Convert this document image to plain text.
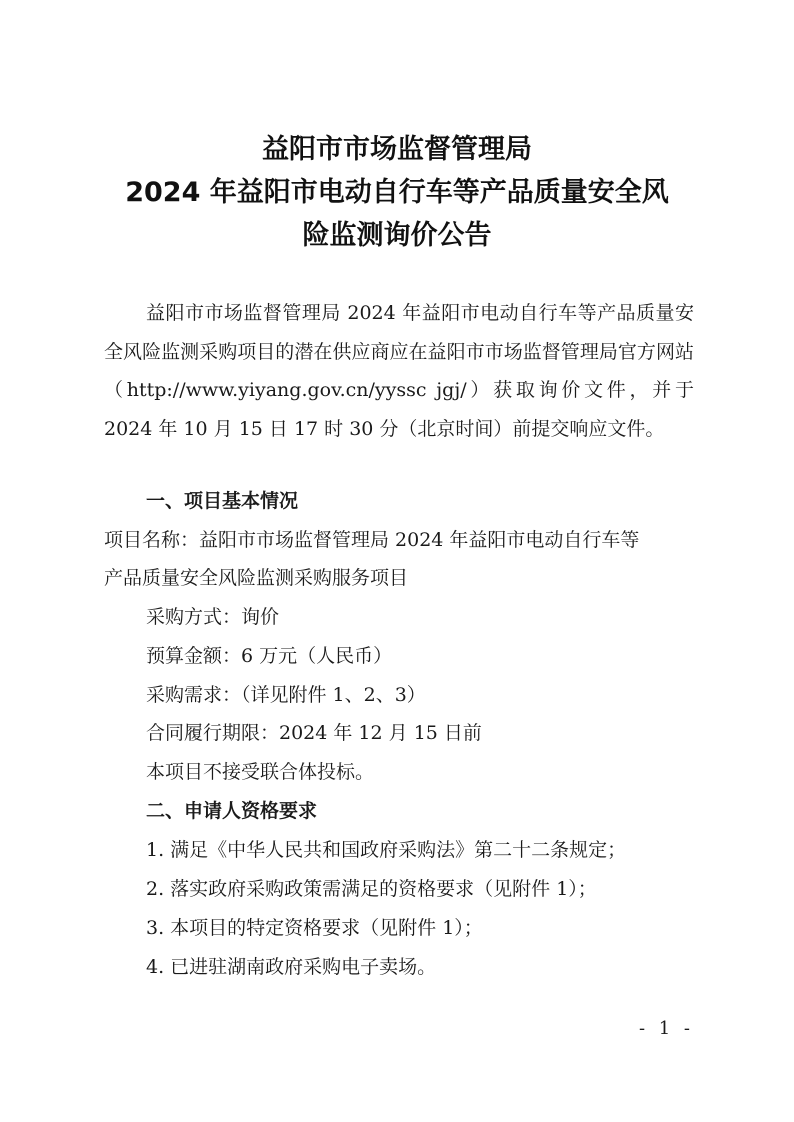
益阳市市场监督管理局
2024 年益阳市电动自行车等产品质量安全风
险监测询价公告
益阳市市场监督管理局 2024 年益阳市电动自行车等产品质量安全风险监测采购项目的潜在供应商应在益阳市市场监督管理局官方网站（http://www.yiyang.gov.cn/yyssc jgj/）获取询价文件，并于 2024 年 10 月 15 日 17 时 30 分（北京时间）前提交响应文件。
一、项目基本情况
项目名称：益阳市市场监督管理局 2024 年益阳市电动自行车等
产品质量安全风险监测采购服务项目
采购方式：询价
预算金额：6 万元（人民币）
采购需求：（详见附件 1、2、3）
合同履行期限：2024 年 12 月 15 日前
本项目不接受联合体投标。
二、申请人资格要求
1. 满足《中华人民共和国政府采购法》第二十二条规定；
2. 落实政府采购政策需满足的资格要求（见附件 1）；
3. 本项目的特定资格要求（见附件 1）；
4. 已进驻湖南政府采购电子卖场。
- 1 -
